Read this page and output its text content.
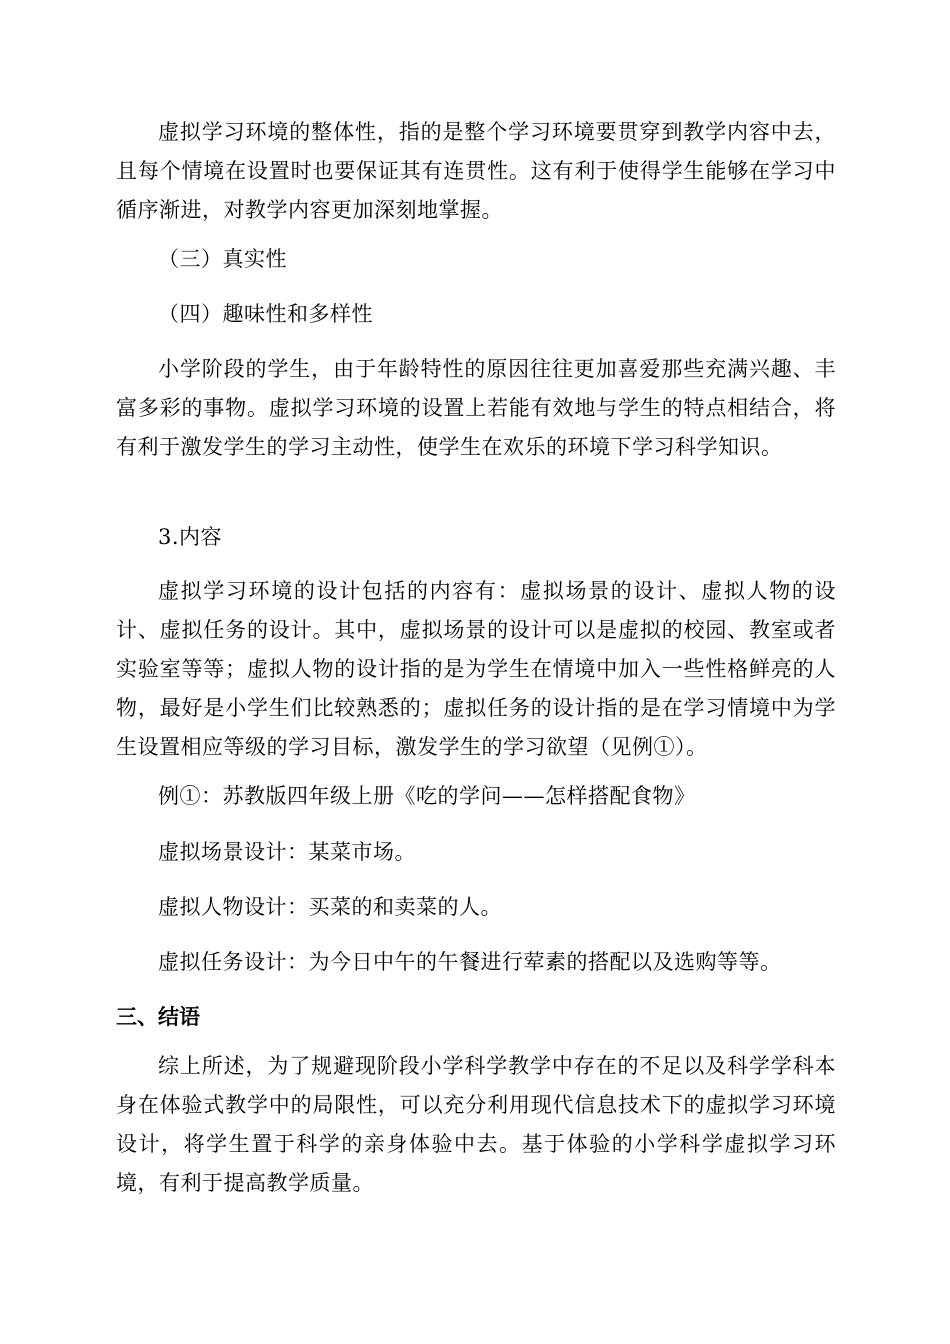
虚拟学习环境的整体性，指的是整个学习环境要贯穿到教学内容中去，且每个情境在设置时也要保证其有连贯性。这有利于使得学生能够在学习中循序渐进，对教学内容更加深刻地掌握。

（三）真实性

（四）趣味性和多样性

小学阶段的学生，由于年龄特性的原因往往更加喜爱那些充满兴趣、丰富多彩的事物。虚拟学习环境的设置上若能有效地与学生的特点相结合，将有利于激发学生的学习主动性，使学生在欢乐的环境下学习科学知识。

3.内容

虚拟学习环境的设计包括的内容有：虚拟场景的设计、虚拟人物的设计、虚拟任务的设计。其中，虚拟场景的设计可以是虚拟的校园、教室或者实验室等等；虚拟人物的设计指的是为学生在情境中加入一些性格鲜亮的人物，最好是小学生们比较熟悉的；虚拟任务的设计指的是在学习情境中为学生设置相应等级的学习目标，激发学生的学习欲望（见例①）。

例①：苏教版四年级上册《吃的学问——怎样搭配食物》

虚拟场景设计：某菜市场。

虚拟人物设计：买菜的和卖菜的人。

虚拟任务设计：为今日中午的午餐进行荤素的搭配以及选购等等。

三、结语

综上所述，为了规避现阶段小学科学教学中存在的不足以及科学学科本身在体验式教学中的局限性，可以充分利用现代信息技术下的虚拟学习环境设计，将学生置于科学的亲身体验中去。基于体验的小学科学虚拟学习环境，有利于提高教学质量。
